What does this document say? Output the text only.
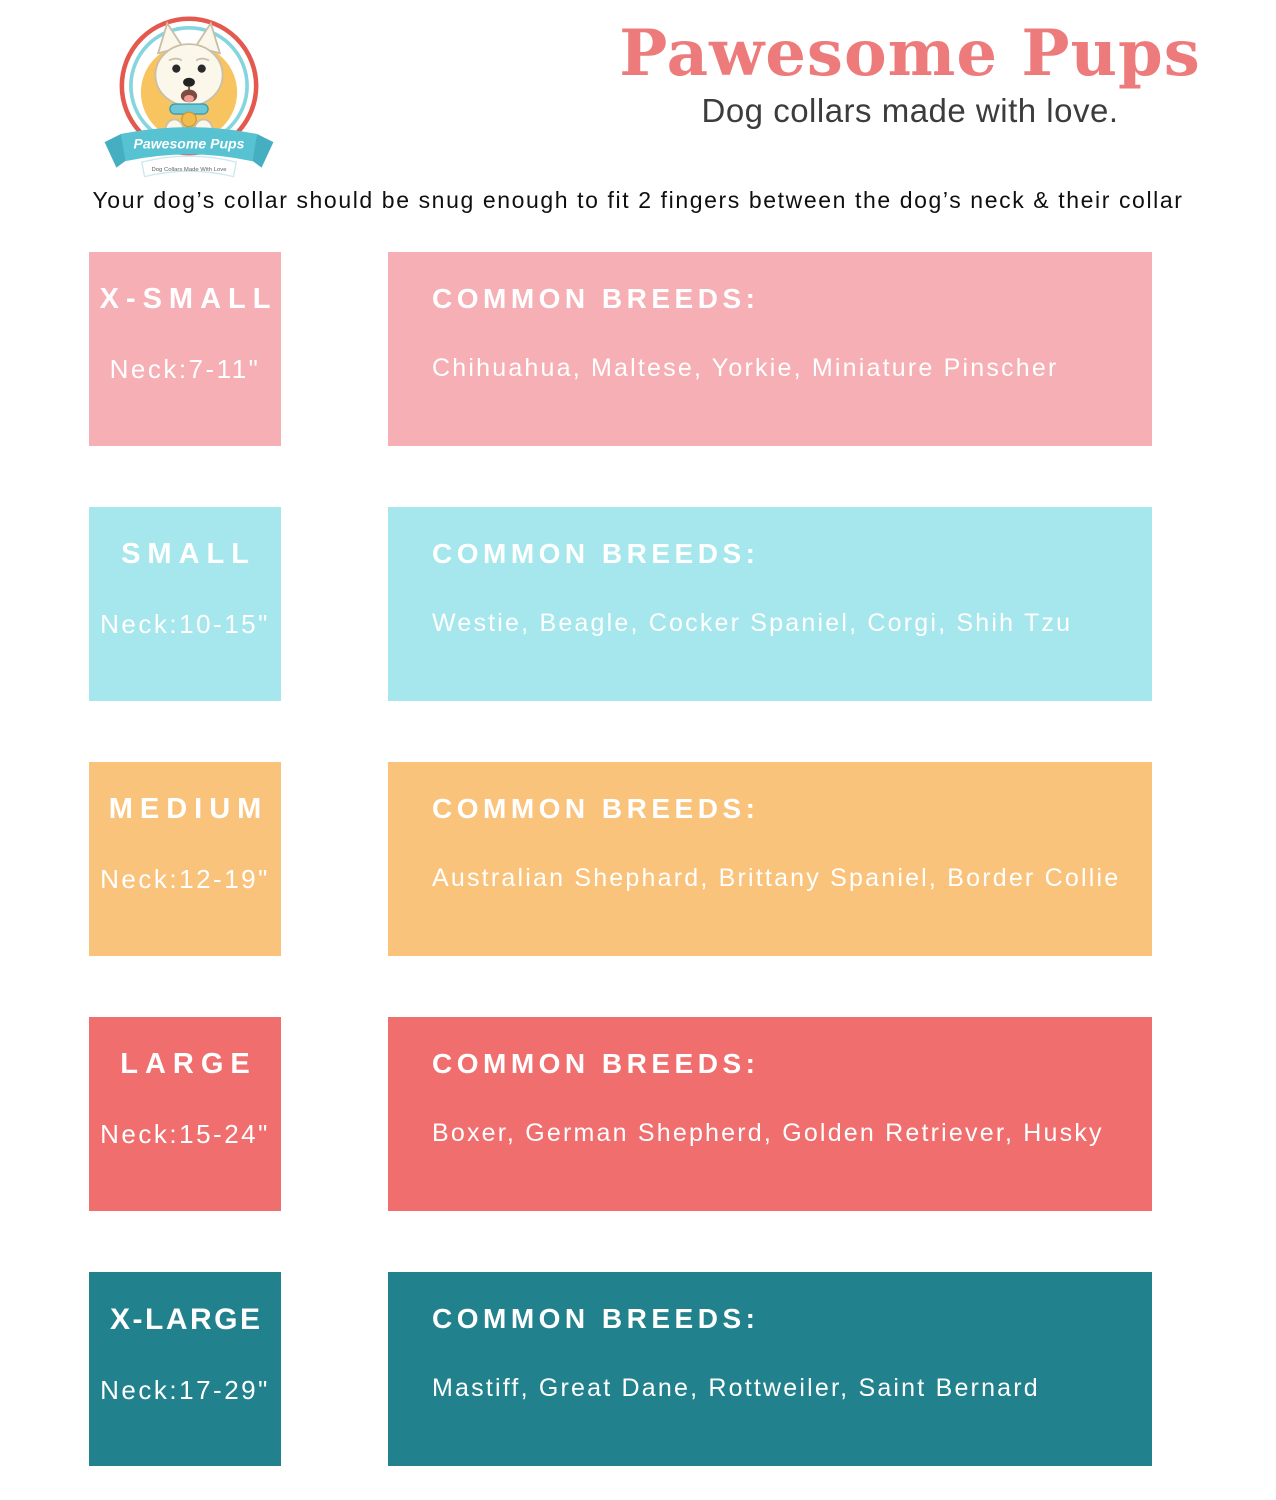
Pawesome Pups
Dog Collars Made With Love
Pawesome Pups
Dog collars made with love.

Your dog’s collar should be snug enough to fit 2 fingers between the dog’s neck & their collar

X-SMALL
Neck:7-11"
COMMON BREEDS:
Chihuahua, Maltese, Yorkie, Miniature Pinscher
SMALL
Neck:10-15"
COMMON BREEDS:
Westie, Beagle, Cocker Spaniel, Corgi, Shih Tzu
MEDIUM
Neck:12-19"
COMMON BREEDS:
Australian Shephard, Brittany Spaniel, Border Collie
LARGE
Neck:15-24"
COMMON BREEDS:
Boxer, German Shepherd, Golden Retriever, Husky
X-LARGE
Neck:17-29"
COMMON BREEDS:
Mastiff, Great Dane, Rottweiler, Saint Bernard
